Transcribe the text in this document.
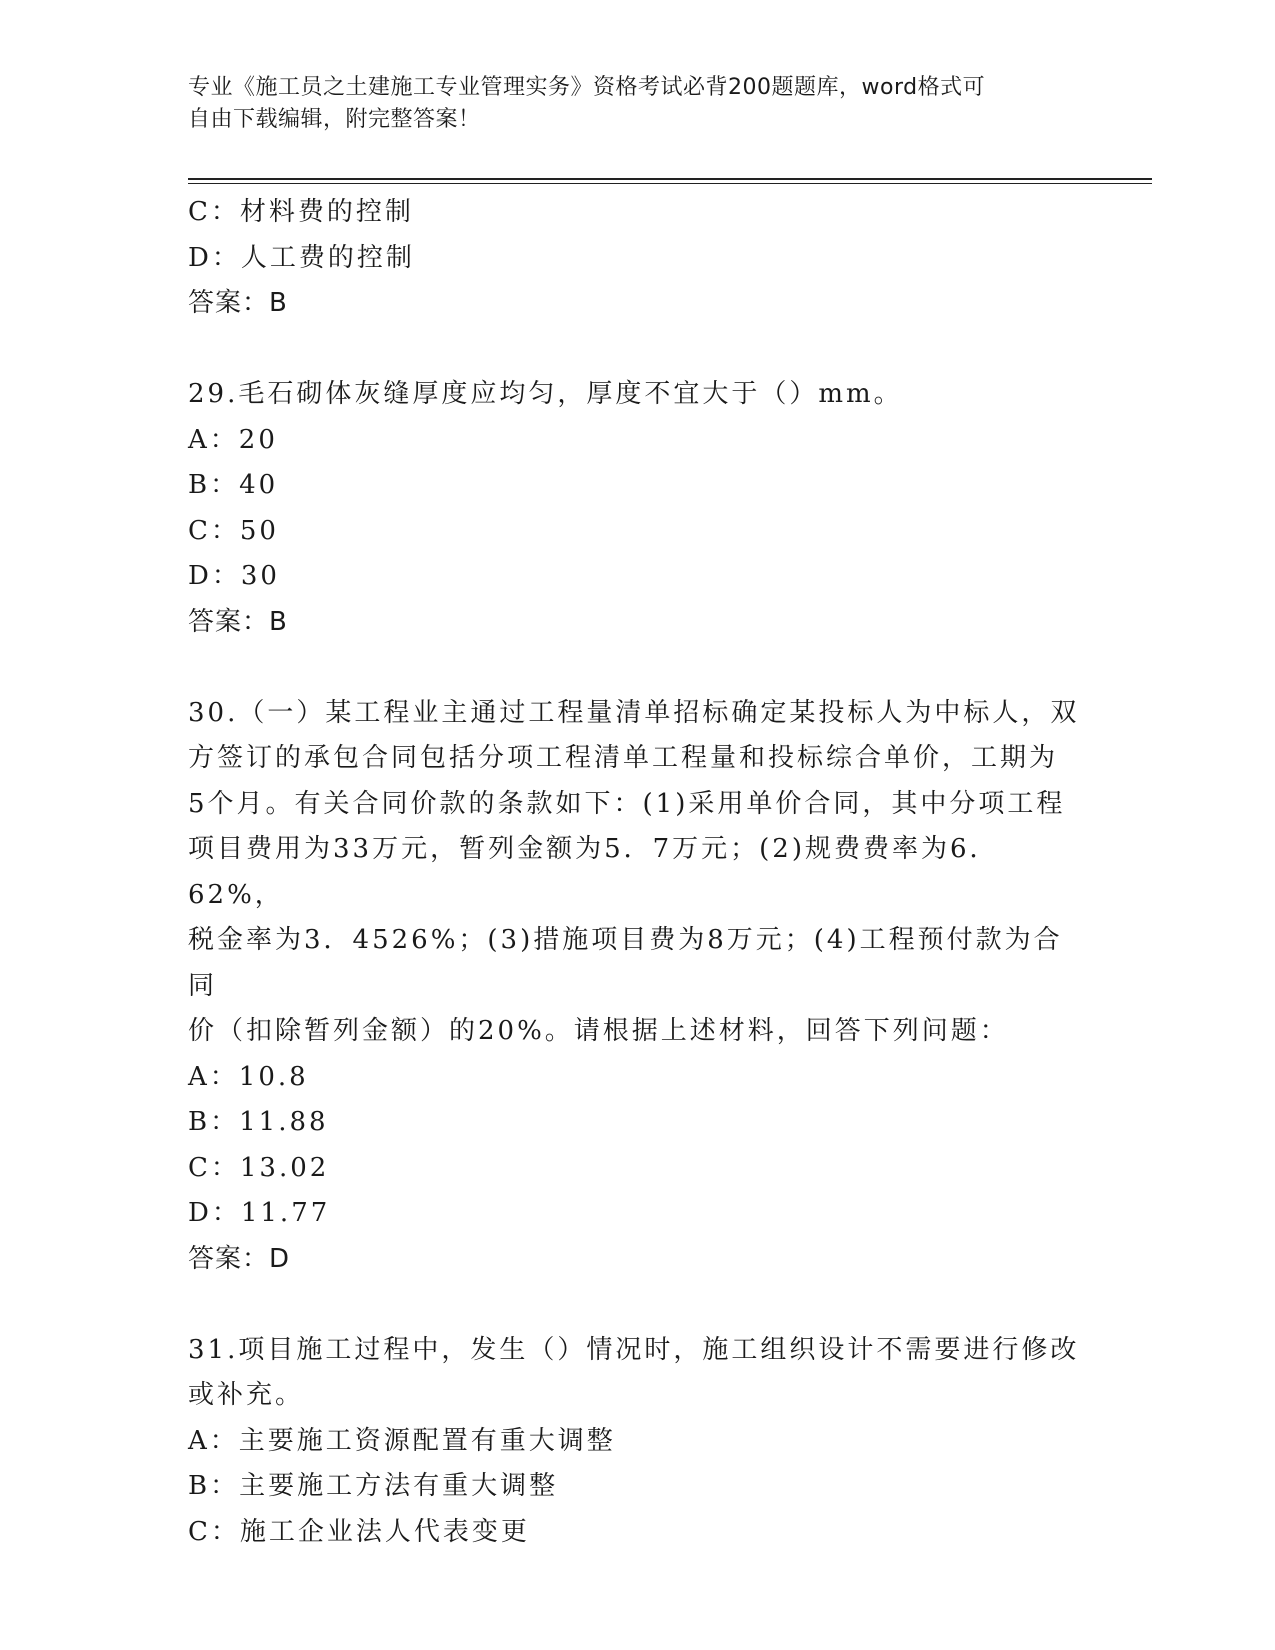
专业《施工员之土建施工专业管理实务》资格考试必背200题题库，word格式可
自由下载编辑，附完整答案！
C：材料费的控制
D：人工费的控制
答案：B
29.毛石砌体灰缝厚度应均匀，厚度不宜大于（）mm。
A：20
B：40
C：50
D：30
答案：B
30.（一）某工程业主通过工程量清单招标确定某投标人为中标人，双
方签订的承包合同包括分项工程清单工程量和投标综合单价，工期为
5个月。有关合同价款的条款如下：(1)采用单价合同，其中分项工程
项目费用为33万元，暂列金额为5．7万元；(2)规费费率为6．62%，
税金率为3．4526%；(3)措施项目费为8万元；(4)工程预付款为合同
价（扣除暂列金额）的20%。请根据上述材料，回答下列问题：
A：10.8
B：11.88
C：13.02
D：11.77
答案：D
31.项目施工过程中，发生（）情况时，施工组织设计不需要进行修改
或补充。
A：主要施工资源配置有重大调整
B：主要施工方法有重大调整
C：施工企业法人代表变更
